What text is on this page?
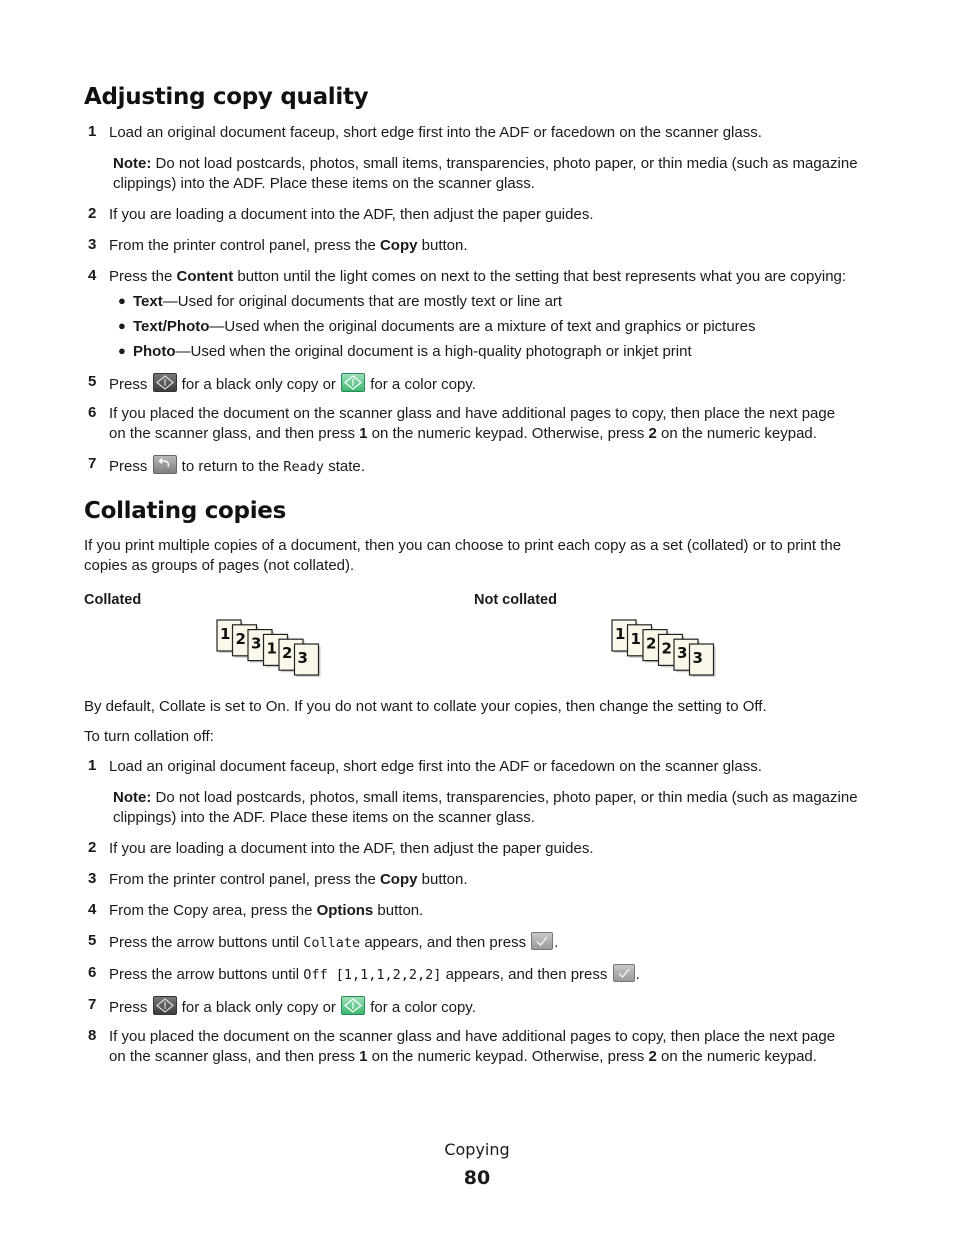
Adjusting copy quality
1 Load an original document faceup, short edge first into the ADF or facedown on the scanner glass.
Note: Do not load postcards, photos, small items, transparencies, photo paper, or thin media (such as magazine
clippings) into the ADF. Place these items on the scanner glass.
2 If you are loading a document into the ADF, then adjust the paper guides.
3 From the printer control panel, press the Copy button.
4 Press the Content button until the light comes on next to the setting that best represents what you are copying:
● Text—Used for original documents that are mostly text or line art
● Text/Photo—Used when the original documents are a mixture of text and graphics or pictures
● Photo—Used when the original document is a high-quality photograph or inkjet print
5 Press
for a black only copy or
for a color copy.
6 If you placed the document on the scanner glass and have additional pages to copy, then place the next page
on the scanner glass, and then press 1 on the numeric keypad. Otherwise, press 2 on the numeric keypad.
7 Press
to return to the Ready state.
Collating copies
If you print multiple copies of a document, then you can choose to print each copy as a set (collated) or to print the
copies as groups of pages (not collated).
Collated	Not collated
1 2 3 1 2 3
1 1 2 2 3 3
By default, Collate is set to On. If you do not want to collate your copies, then change the setting to Off.
To turn collation off:
1 Load an original document faceup, short edge first into the ADF or facedown on the scanner glass.
Note: Do not load postcards, photos, small items, transparencies, photo paper, or thin media (such as magazine
clippings) into the ADF. Place these items on the scanner glass.
2 If you are loading a document into the ADF, then adjust the paper guides.
3 From the printer control panel, press the Copy button.
4 From the Copy area, press the Options button.
5 Press the arrow buttons until Collate appears, and then press
.
6 Press the arrow buttons until Off [1,1,1,2,2,2] appears, and then press
.
7 Press
for a black only copy or
for a color copy.
8 If you placed the document on the scanner glass and have additional pages to copy, then place the next page
on the scanner glass, and then press 1 on the numeric keypad. Otherwise, press 2 on the numeric keypad.
Copying
80
